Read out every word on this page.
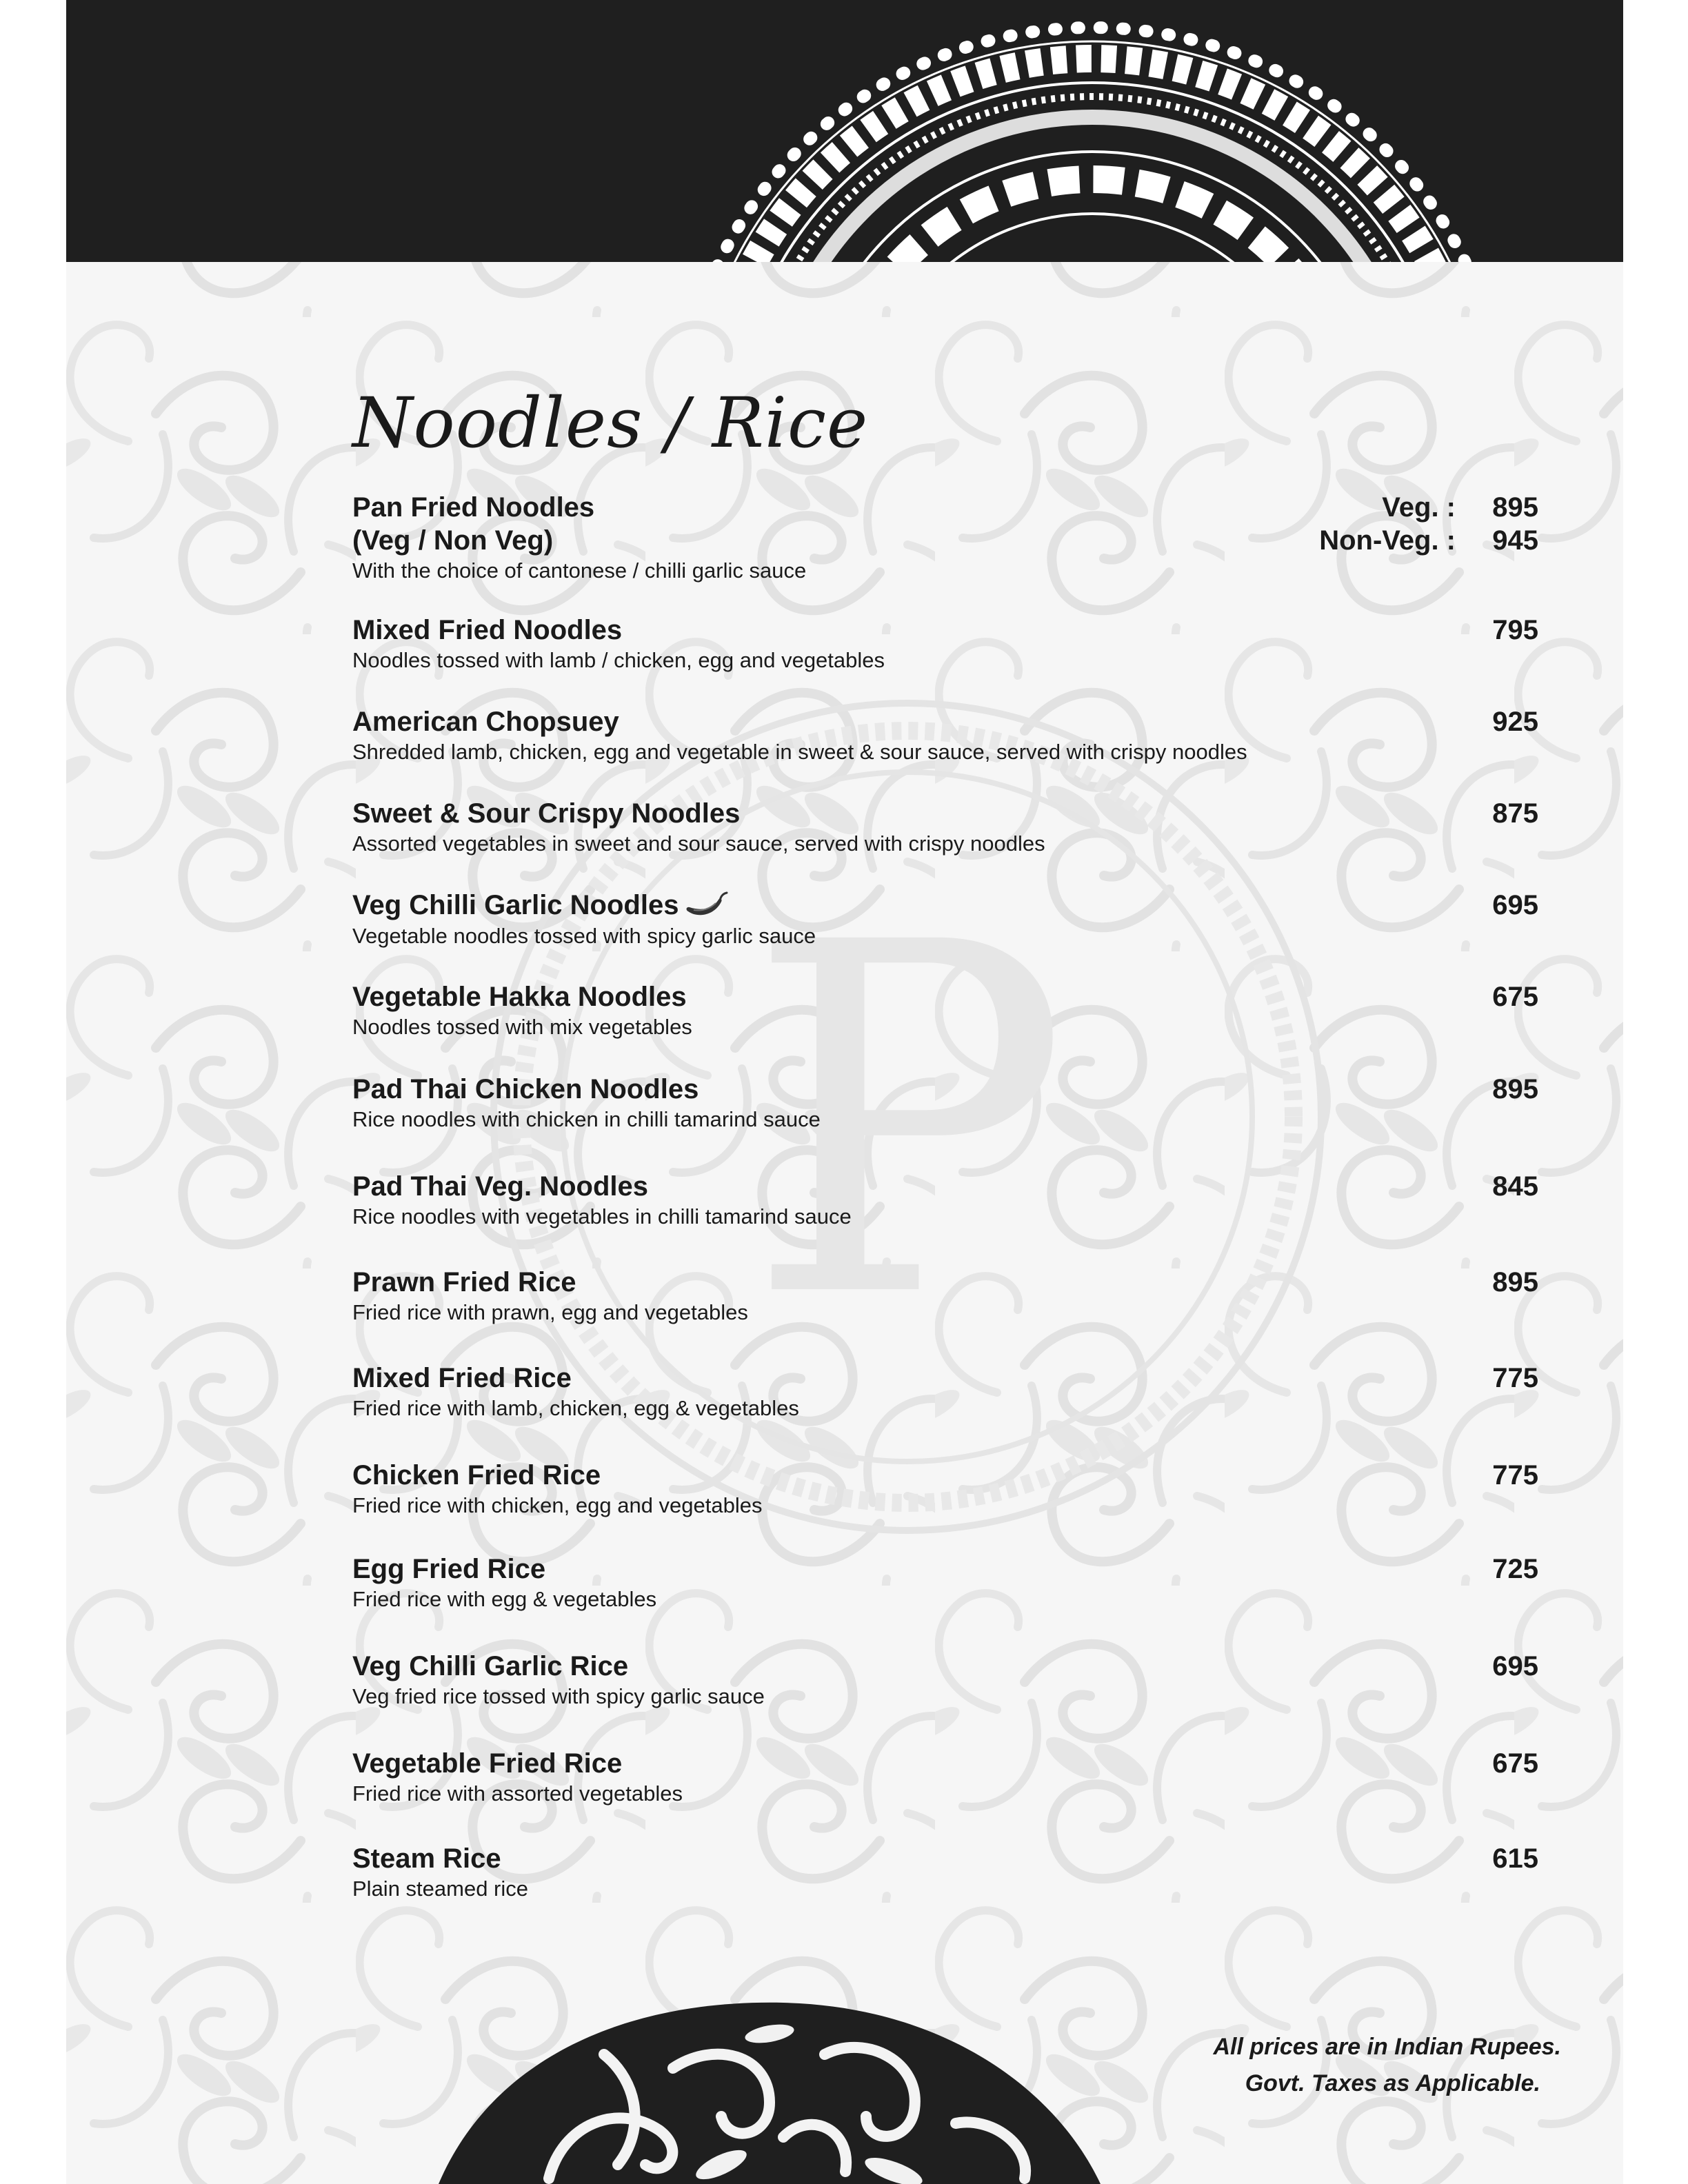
P
Noodles / Rice
Pan Fried Noodles
(Veg / Non Veg)
With the choice of cantonese / chilli garlic sauce
Veg. : 895
Non-Veg. : 945
Mixed Fried Noodles
Noodles tossed with lamb / chicken, egg and vegetables
795
American Chopsuey
Shredded lamb, chicken, egg and vegetable in sweet & sour sauce, served with crispy noodles
925
Sweet & Sour Crispy Noodles
Assorted vegetables in sweet and sour sauce, served with crispy noodles
875
Veg Chilli Garlic Noodles
Vegetable noodles tossed with spicy garlic sauce
695
Vegetable Hakka Noodles
Noodles tossed with mix vegetables
675
Pad Thai Chicken Noodles
Rice noodles with chicken in chilli tamarind sauce
895
Pad Thai Veg. Noodles
Rice noodles with vegetables in chilli tamarind sauce
845
Prawn Fried Rice
Fried rice with prawn, egg and vegetables
895
Mixed Fried Rice
Fried rice with lamb, chicken, egg & vegetables
775
Chicken Fried Rice
Fried rice with chicken, egg and vegetables
775
Egg Fried Rice
Fried rice with egg & vegetables
725
Veg Chilli Garlic Rice
Veg fried rice tossed with spicy garlic sauce
695
Vegetable Fried Rice
Fried rice with assorted vegetables
675
Steam Rice
Plain steamed rice
615
All prices are in Indian Rupees.
Govt. Taxes as Applicable.
